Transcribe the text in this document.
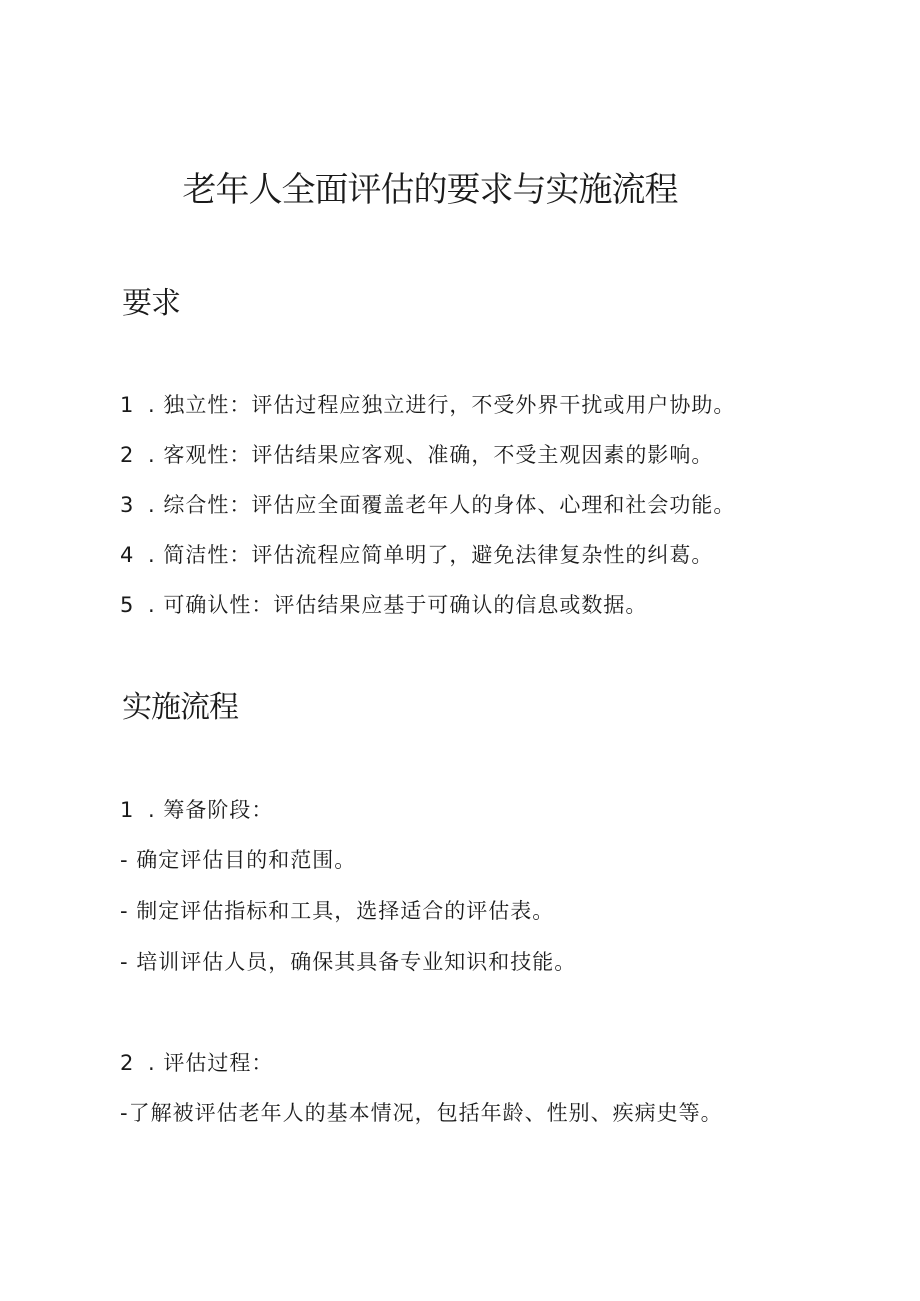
老年人全面评估的要求与实施流程
要求
1 . 独立性：评估过程应独立进行，不受外界干扰或用户协助。
2 . 客观性：评估结果应客观、准确，不受主观因素的影响。
3 . 综合性：评估应全面覆盖老年人的身体、心理和社会功能。
4 . 简洁性：评估流程应简单明了，避免法律复杂性的纠葛。
5 . 可确认性：评估结果应基于可确认的信息或数据。
实施流程
1 . 筹备阶段：
- 确定评估目的和范围。
- 制定评估指标和工具，选择适合的评估表。
- 培训评估人员，确保其具备专业知识和技能。
2 . 评估过程：
-了解被评估老年人的基本情况，包括年龄、性别、疾病史等。
